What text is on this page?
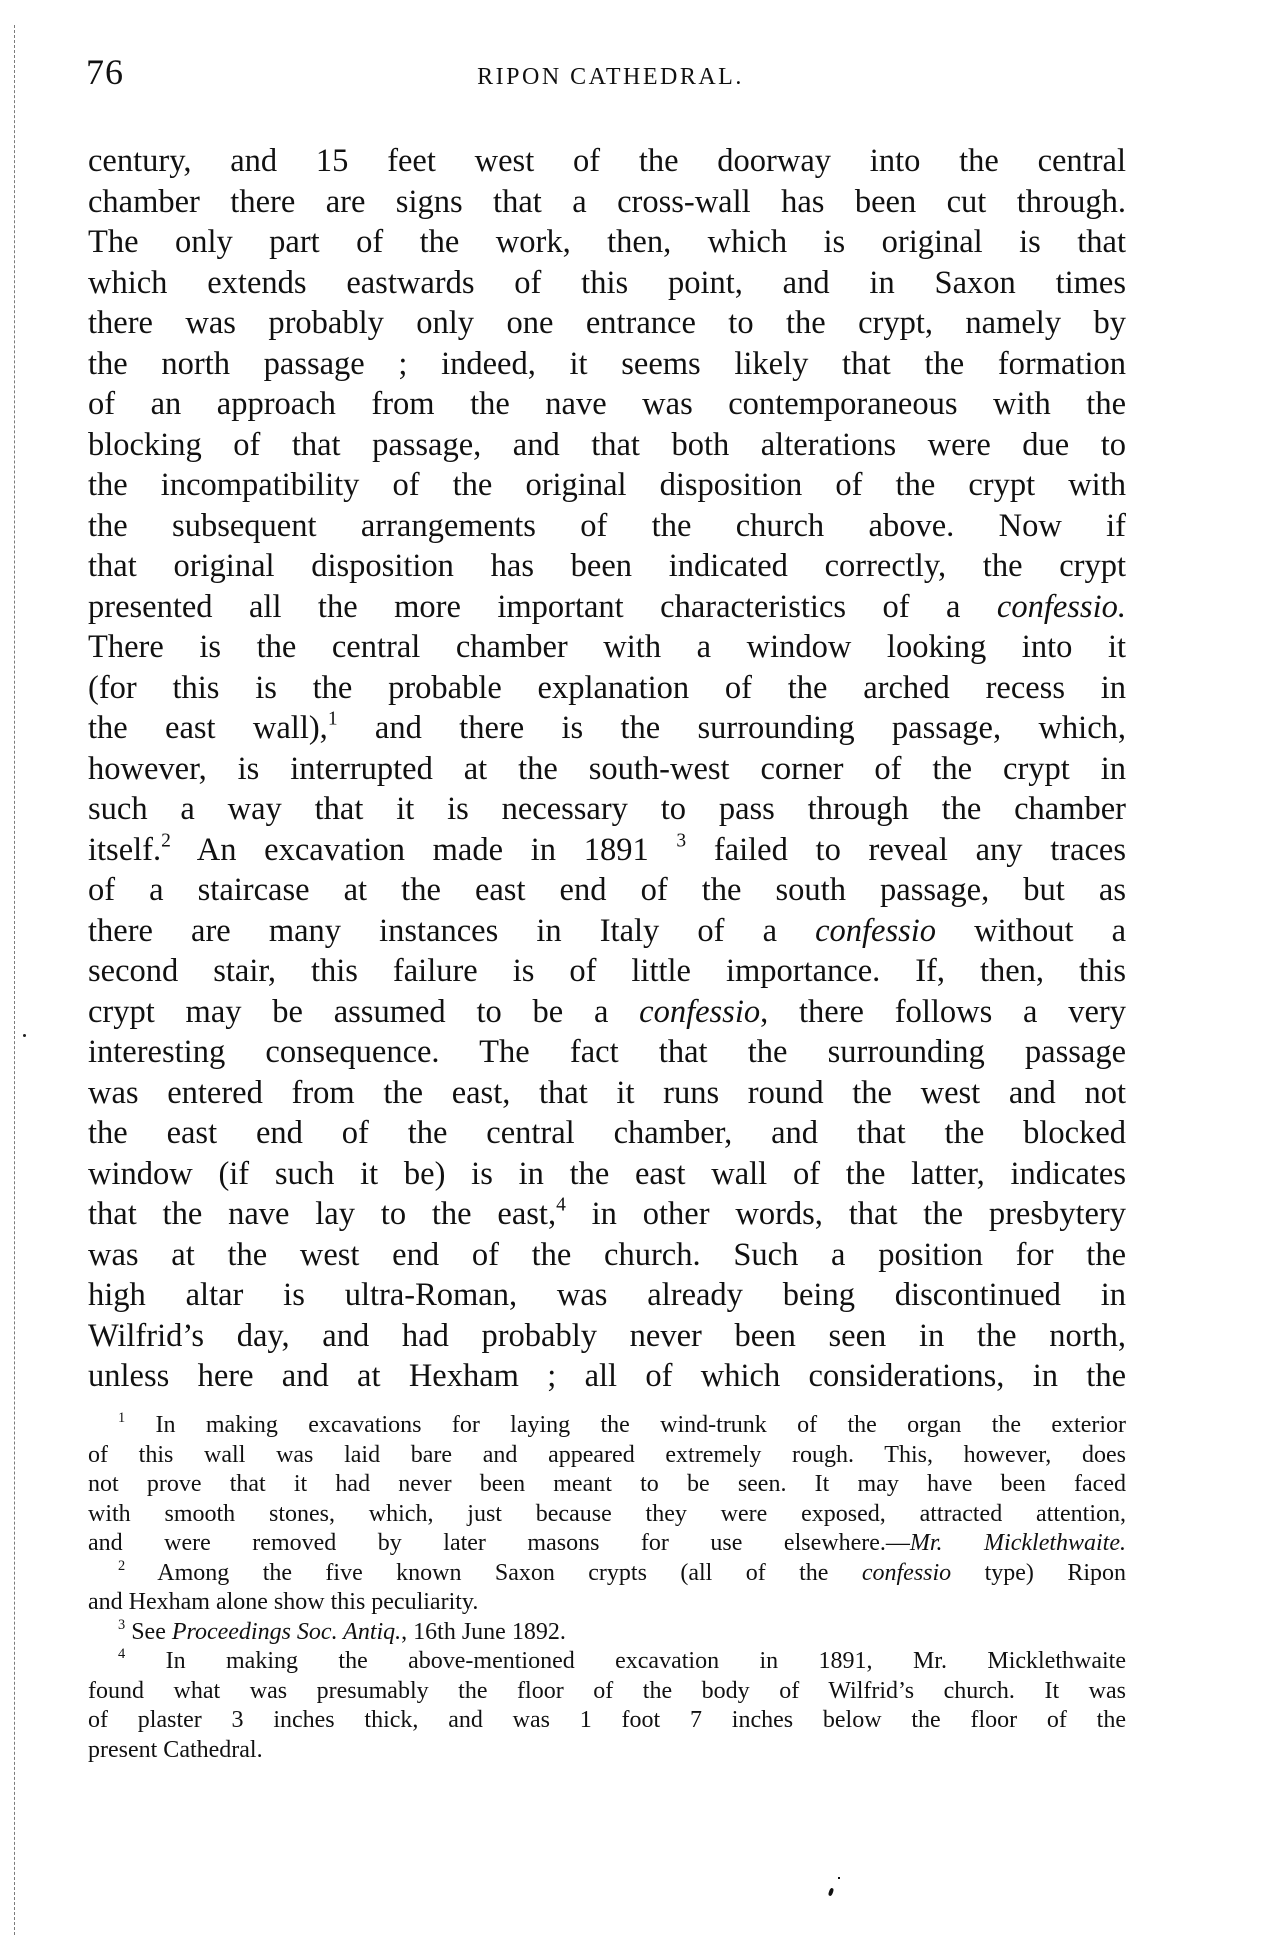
76	RIPON CATHEDRAL.
century, and 15 feet west of the doorway into the central
chamber there are signs that a cross-wall has been cut through.
The only part of the work, then, which is original is that
which extends eastwards of this point, and in Saxon times
there was probably only one entrance to the crypt, namely by
the north passage ; indeed, it seems likely that the formation
of an approach from the nave was contemporaneous with the
blocking of that passage, and that both alterations were due to
the incompatibility of the original disposition of the crypt with
the subsequent arrangements of the church above. Now if
that original disposition has been indicated correctly, the crypt
presented all the more important characteristics of a confessio.
There is the central chamber with a window looking into it
(for this is the probable explanation of the arched recess in
the east wall),$^1$ and there is the surrounding passage, which,
however, is interrupted at the south-west corner of the crypt in
such a way that it is necessary to pass through the chamber
itself.$^2$ An excavation made in 1891 $^3$ failed to reveal any traces
of a staircase at the east end of the south passage, but as
there are many instances in Italy of a confessio without a
second stair, this failure is of little importance. If, then, this
crypt may be assumed to be a confessio, there follows a very
interesting consequence. The fact that the surrounding passage
was entered from the east, that it runs round the west and not
the east end of the central chamber, and that the blocked
window (if such it be) is in the east wall of the latter, indicates
that the nave lay to the east,$^4$ in other words, that the presbytery
was at the west end of the church. Such a position for the
high altar is ultra-Roman, was already being discontinued in
Wilfrid’s day, and had probably never been seen in the north,
unless here and at Hexham ; all of which considerations, in the
$^1$ In making excavations for laying the wind-trunk of the organ the exterior
of this wall was laid bare and appeared extremely rough. This, however, does
not prove that it had never been meant to be seen. It may have been faced
with smooth stones, which, just because they were exposed, attracted attention,
and were removed by later masons for use elsewhere.—Mr. Micklethwaite.
$^2$ Among the five known Saxon crypts (all of the confessio type) Ripon
and Hexham alone show this peculiarity.
$^3$ See Proceedings Soc. Antiq., 16th June 1892.
$^4$ In making the above-mentioned excavation in 1891, Mr. Micklethwaite
found what was presumably the floor of the body of Wilfrid’s church. It was
of plaster 3 inches thick, and was 1 foot 7 inches below the floor of the
present Cathedral.
